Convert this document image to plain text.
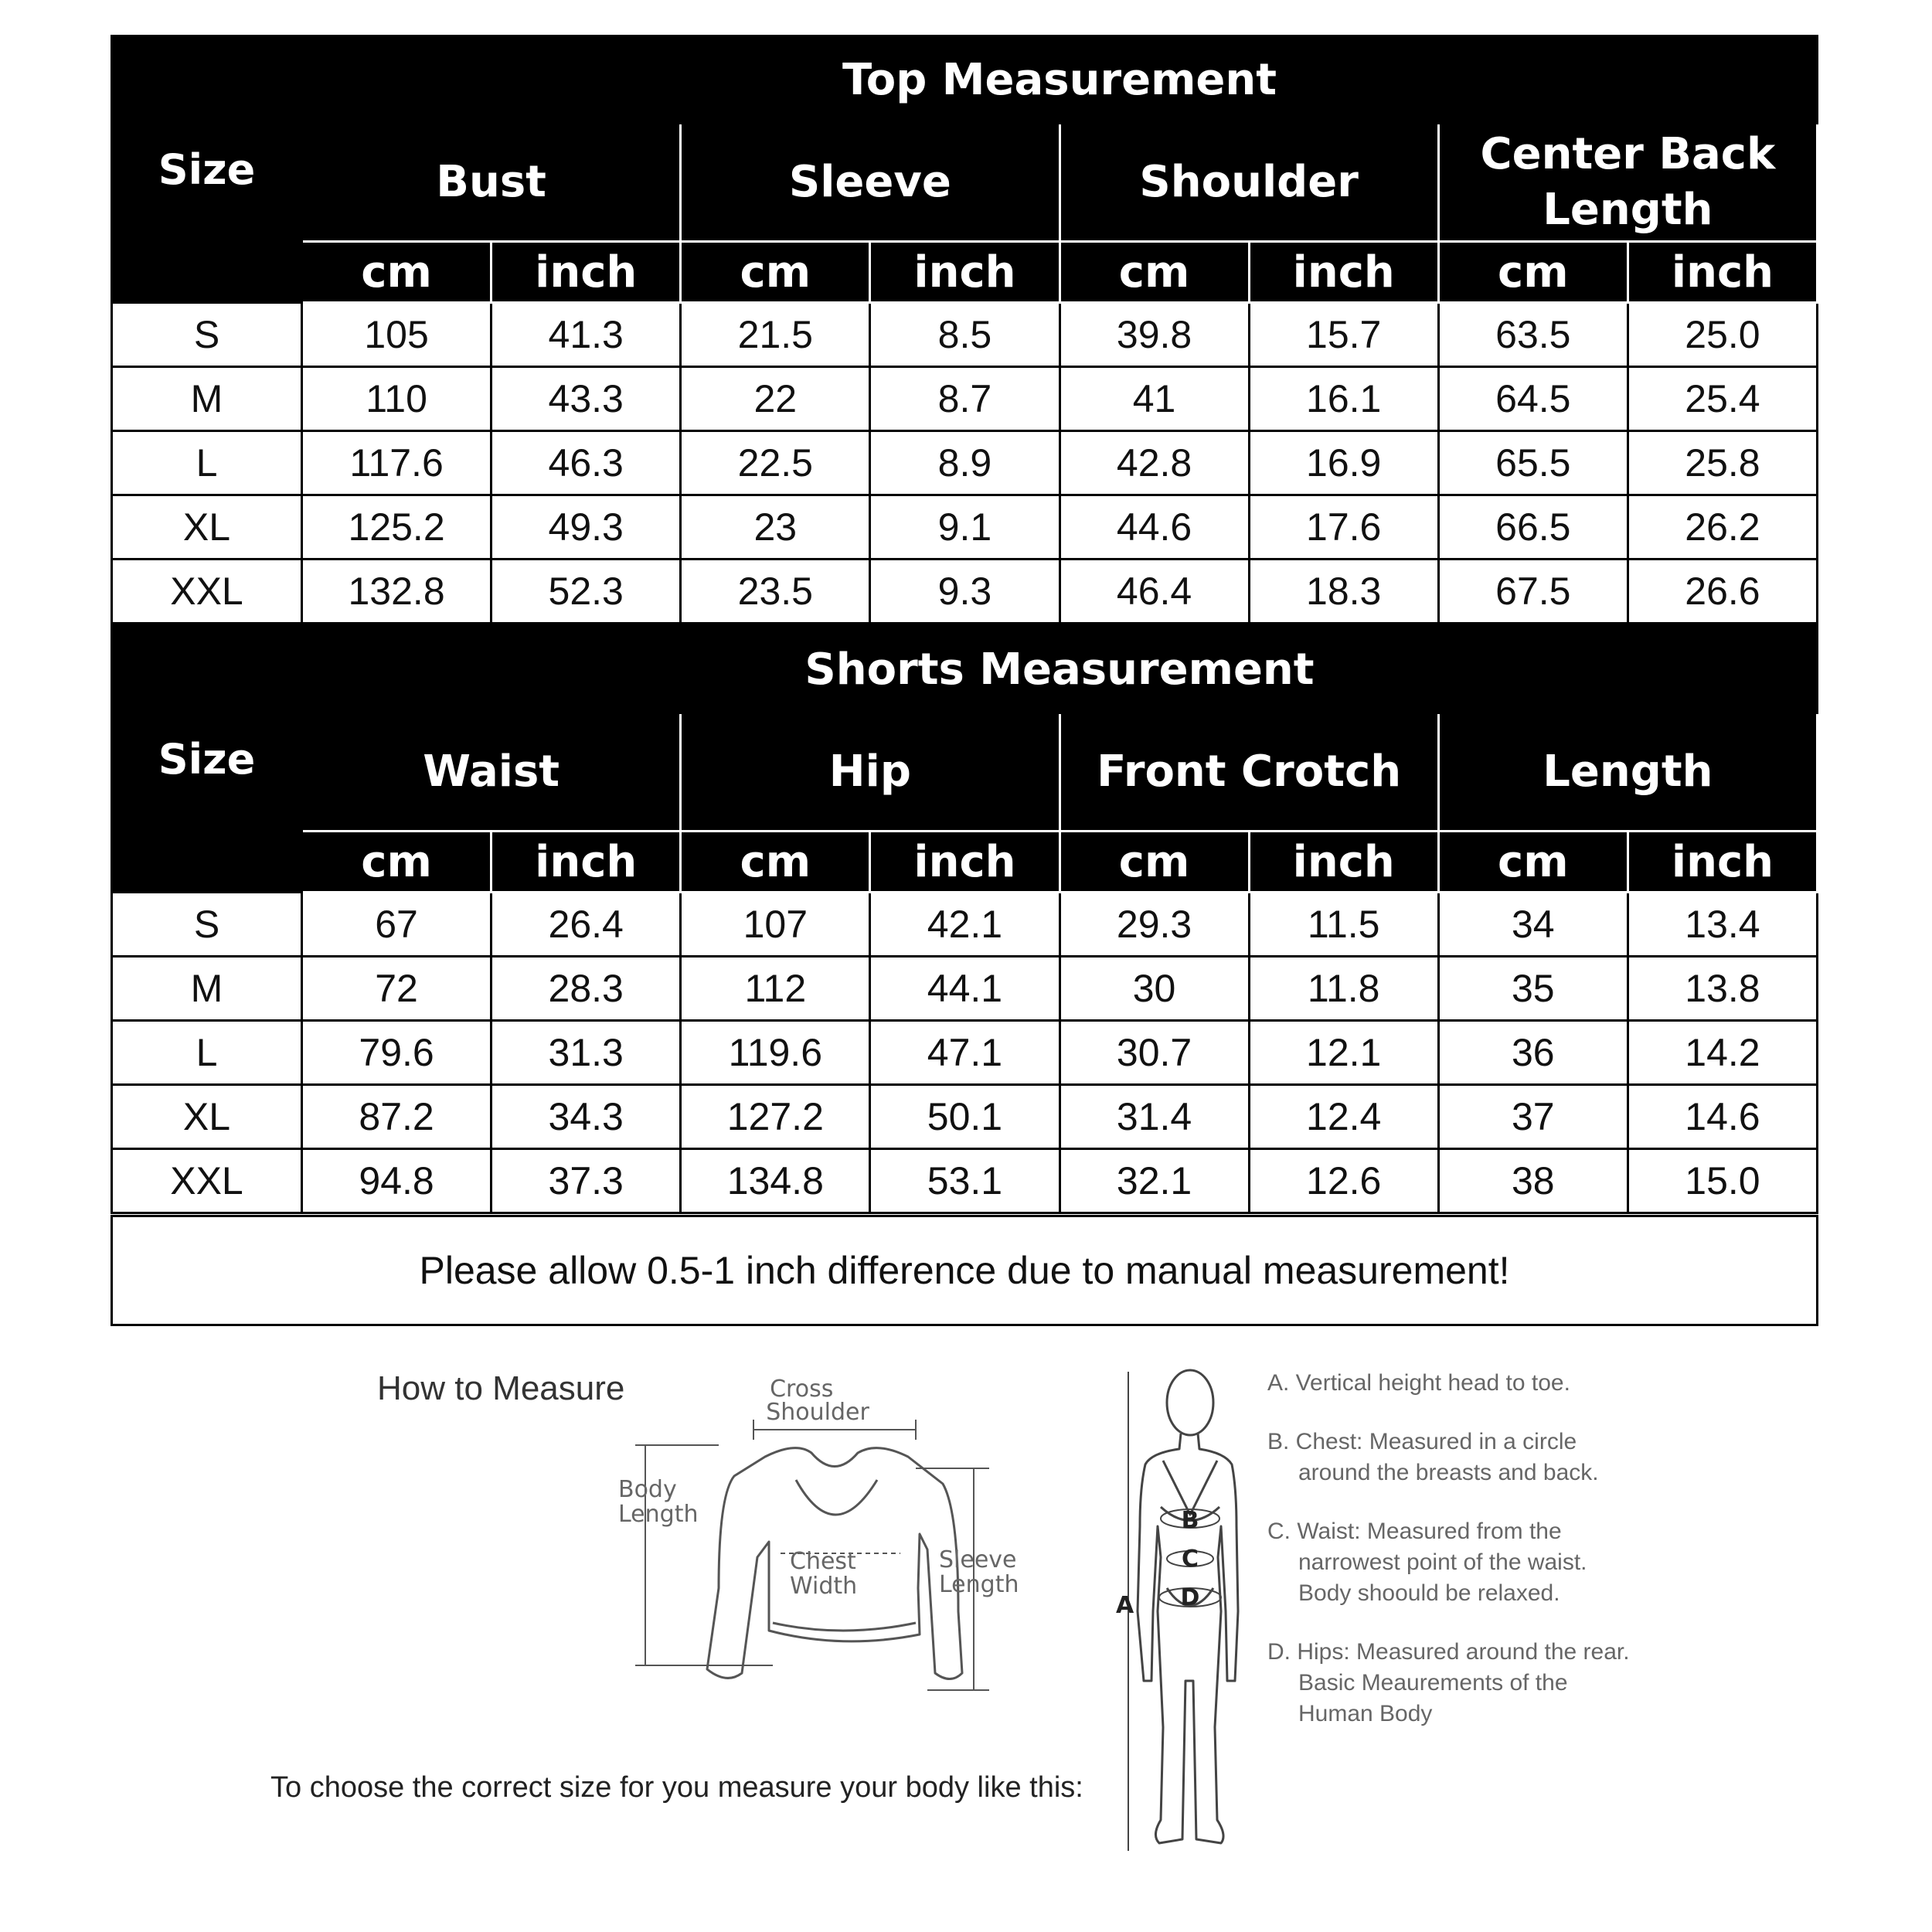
Size	Top Measurement							
	Bust		Sleeve		Shoulder		Center Back Length	
	cm	inch	cm	inch	cm	inch	cm	inch
S	105	41.3	21.5	8.5	39.8	15.7	63.5	25.0
M	110	43.3	22	8.7	41	16.1	64.5	25.4
L	117.6	46.3	22.5	8.9	42.8	16.9	65.5	25.8
XL	125.2	49.3	23	9.1	44.6	17.6	66.5	26.2
XXL	132.8	52.3	23.5	9.3	46.4	18.3	67.5	26.6
Size	Shorts Measurement							
	Waist		Hip		Front Crotch		Length	
	cm	inch	cm	inch	cm	inch	cm	inch
S	67	26.4	107	42.1	29.3	11.5	34	13.4
M	72	28.3	112	44.1	30	11.8	35	13.8
L	79.6	31.3	119.6	47.1	30.7	12.1	36	14.2
XL	87.2	34.3	127.2	50.1	31.4	12.4	37	14.6
XXL	94.8	37.3	134.8	53.1	32.1	12.6	38	15.0
Please allow 0.5-1 inch difference due to manual measurement!
How to Measure
To choose the correct size for you measure your body like this:
Cross Shoulder
Body Length
Chest Width
Sleeve Length
B
C
D
A
A. Vertical height head to toe.
B. Chest: Measured in a circle around the breasts and back.
C. Waist: Measured from the narrowest point of the waist. Body shoould be relaxed.
D. Hips: Measured around the rear. Basic Meaurements of the Human Body
